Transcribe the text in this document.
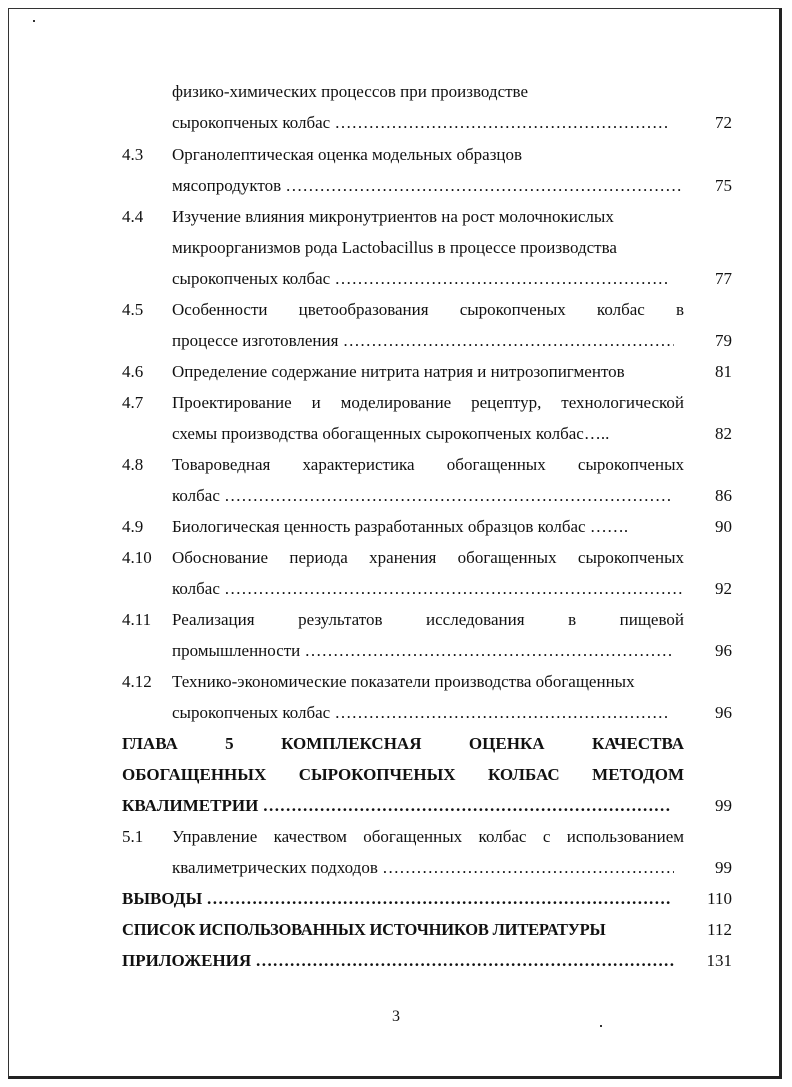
физико-химических процессов при производстве
сырокопченых колбас ……………………………………………………………………………………………………	72
4.3 Органолептическая оценка модельных образцов
мясопродуктов ……………………………………………………………………………………………………	75
4.4 Изучение влияния микронутриентов на рост молочнокислых
микроорганизмов рода Lactobacillus в процессе производства
сырокопченых колбас ……………………………………………………………………………………………………	77
4.5 Особенности цветообразования сырокопченых колбас в
процессе изготовления ……………………………………………………………………………………………………	79
4.6 Определение содержание нитрита натрия и нитрозопигментов	81
4.7 Проектирование и моделирование рецептур, технологической
схемы производства обогащенных сырокопченых колбас…..	82
4.8 Товароведная характеристика обогащенных сырокопченых
колбас ……………………………………………………………………………………………………	86
4.9 Биологическая ценность разработанных образцов колбас …….	90
4.10 Обоснование периода хранения обогащенных сырокопченых
колбас ……………………………………………………………………………………………………	92
4.11 Реализация результатов исследования в пищевой
промышленности ……………………………………………………………………………………………………	96
4.12 Технико-экономические показатели производства обогащенных
сырокопченых колбас ……………………………………………………………………………………………………	96
ГЛАВА 5 КОМПЛЕКСНАЯ ОЦЕНКА КАЧЕСТВА
ОБОГАЩЕННЫХ СЫРОКОПЧЕНЫХ КОЛБАС МЕТОДОМ
КВАЛИМЕТРИИ ……………………………………………………………………………………………………	99
5.1 Управление качеством обогащенных колбас с использованием
квалиметрических подходов ……………………………………………………………………………………………………	99
ВЫВОДЫ ……………………………………………………………………………………………………	110
СПИСОК ИСПОЛЬЗОВАННЫХ ИСТОЧНИКОВ ЛИТЕРАТУРЫ	112
ПРИЛОЖЕНИЯ ……………………………………………………………………………………………………	131
3
